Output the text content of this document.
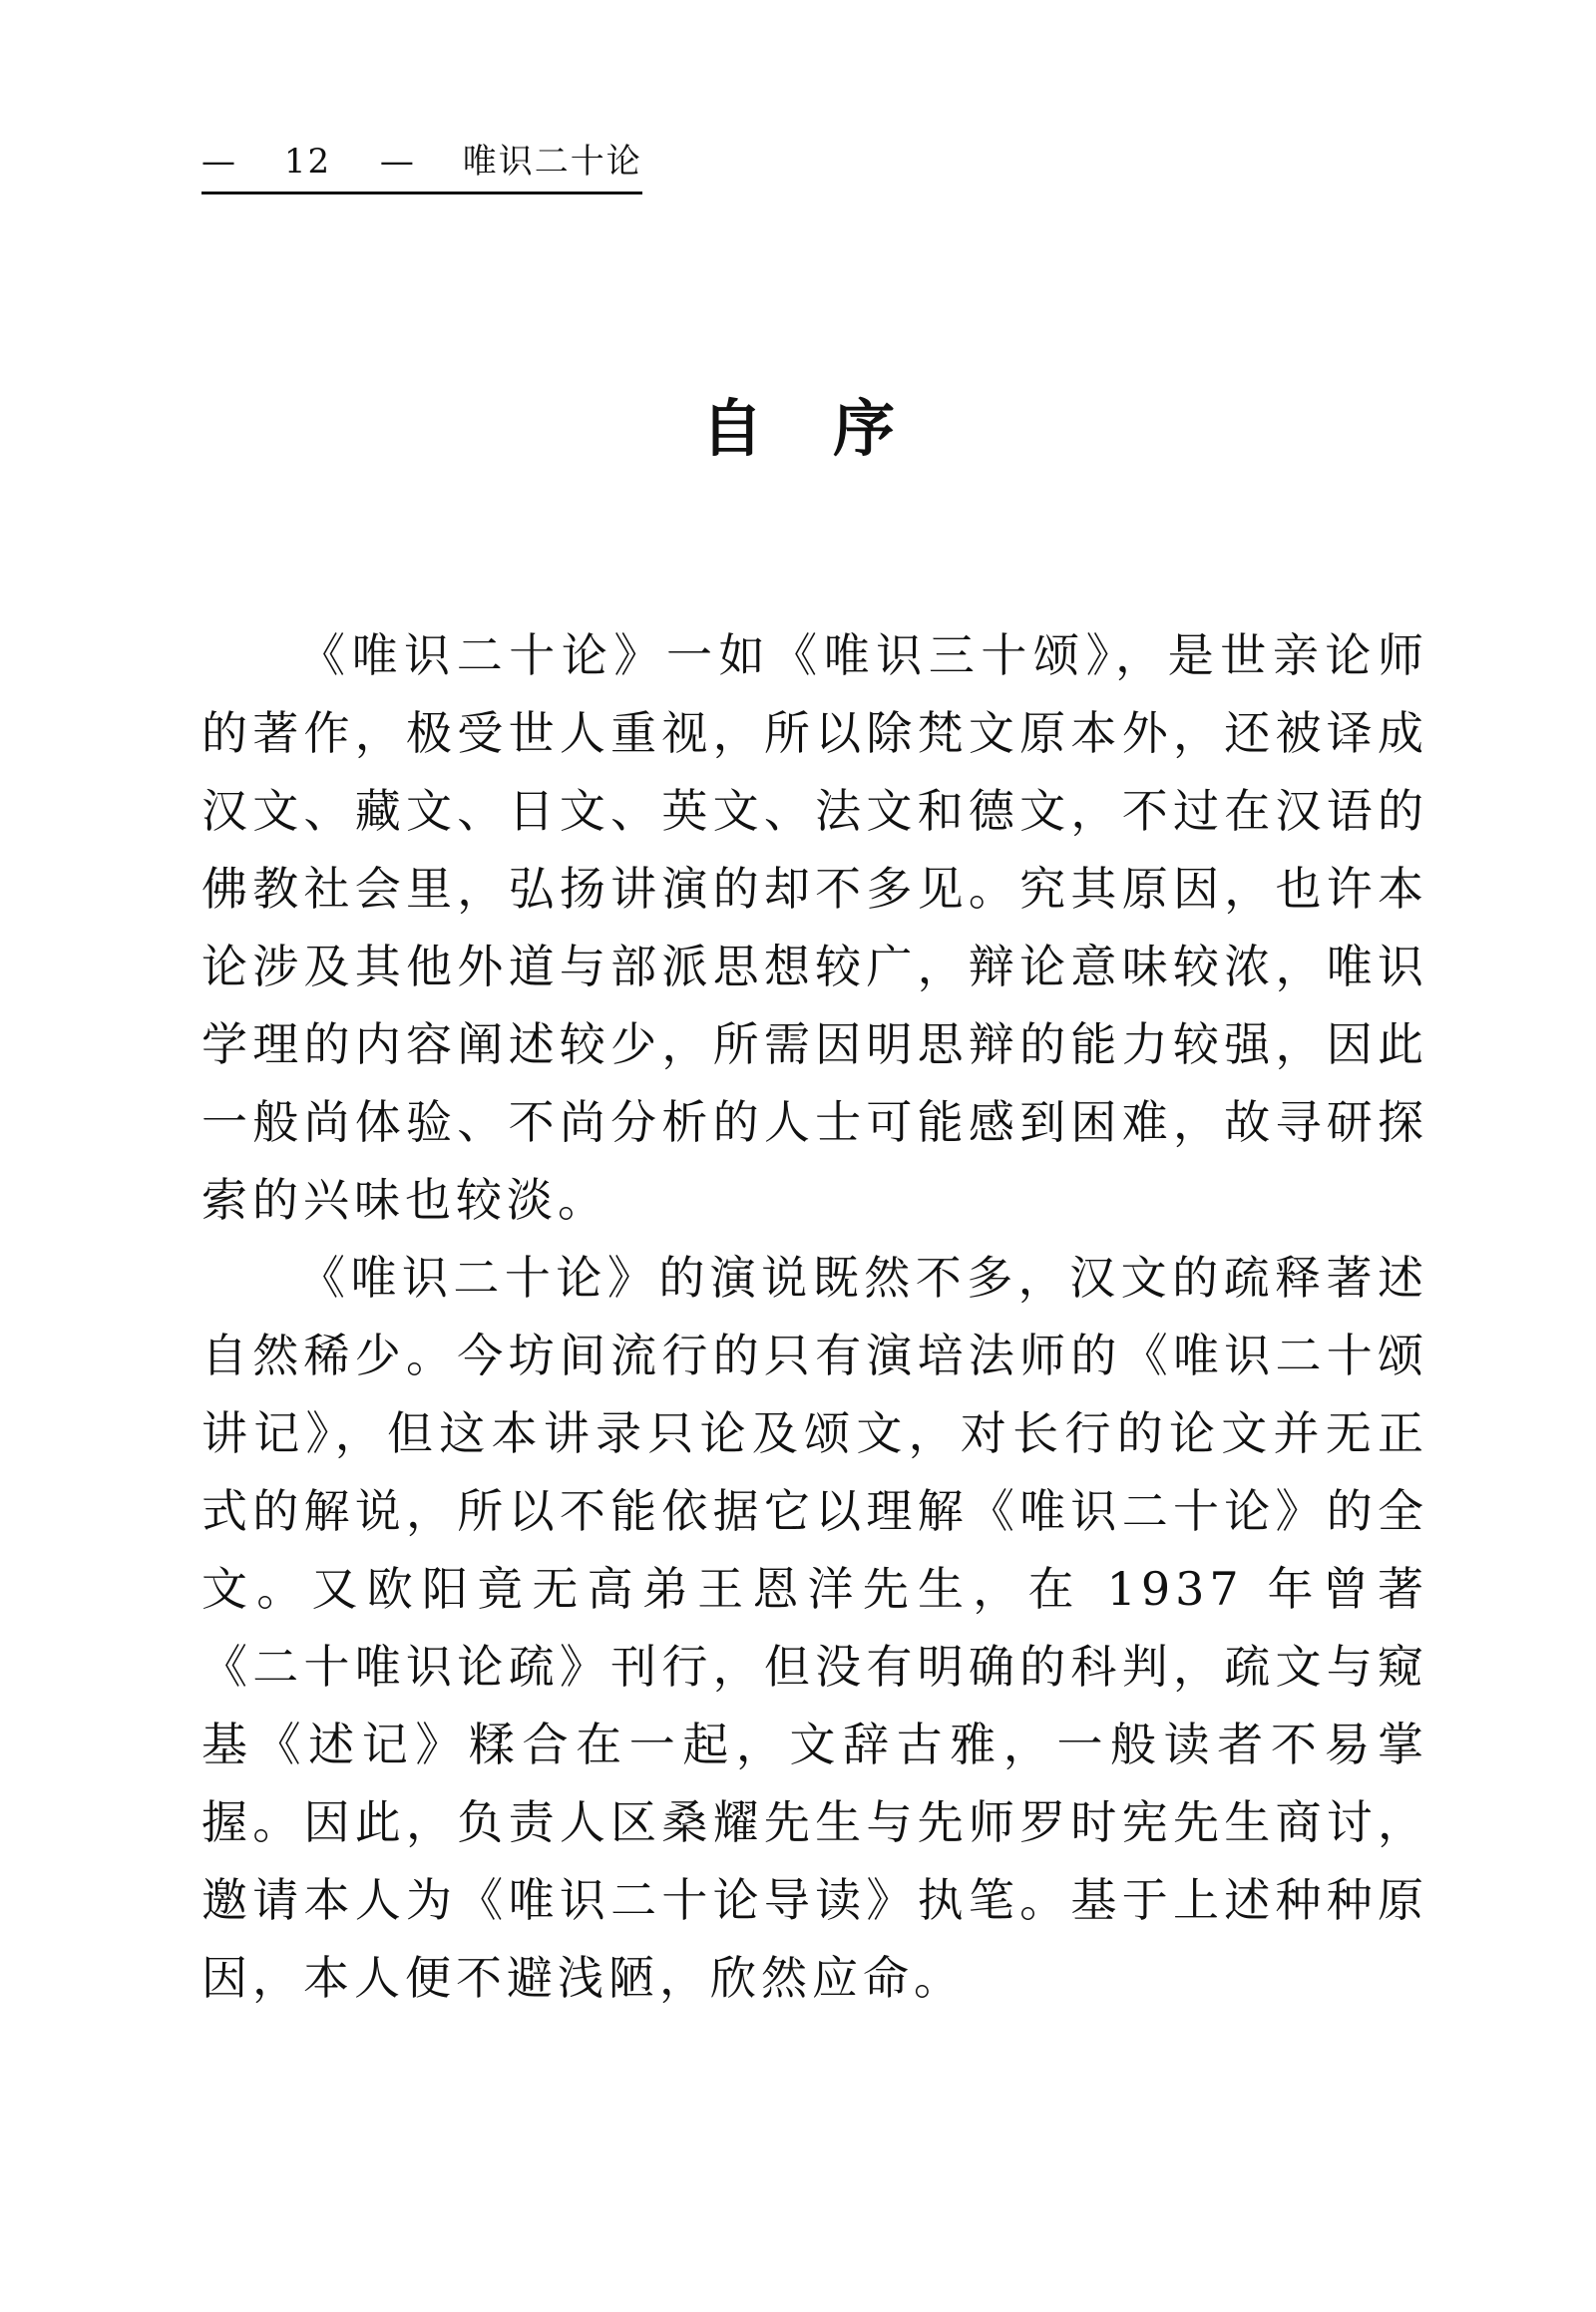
— 12 — 唯识二十论
自序

《唯识二十论》一如《唯识三十颂》，是世亲论师的著作，极受世人重视，所以除梵文原本外，还被译成汉文、藏文、日文、英文、法文和德文，不过在汉语的佛教社会里，弘扬讲演的却不多见。究其原因，也许本论涉及其他外道与部派思想较广，辩论意味较浓，唯识学理的内容阐述较少，所需因明思辩的能力较强，因此一般尚体验、不尚分析的人士可能感到困难，故寻研探索的兴味也较淡。

《唯识二十论》的演说既然不多，汉文的疏释著述自然稀少。今坊间流行的只有演培法师的《唯识二十颂讲记》，但这本讲录只论及颂文，对长行的论文并无正式的解说，所以不能依据它以理解《唯识二十论》的全文。又欧阳竟无高弟王恩洋先生，在 1937 年曾著《二十唯识论疏》刊行，但没有明确的科判，疏文与窥基《述记》糅合在一起，文辞古雅，一般读者不易掌握。因此，负责人区桑耀先生与先师罗时宪先生商讨，邀请本人为《唯识二十论导读》执笔。基于上述种种原因，本人便不避浅陋，欣然应命。
